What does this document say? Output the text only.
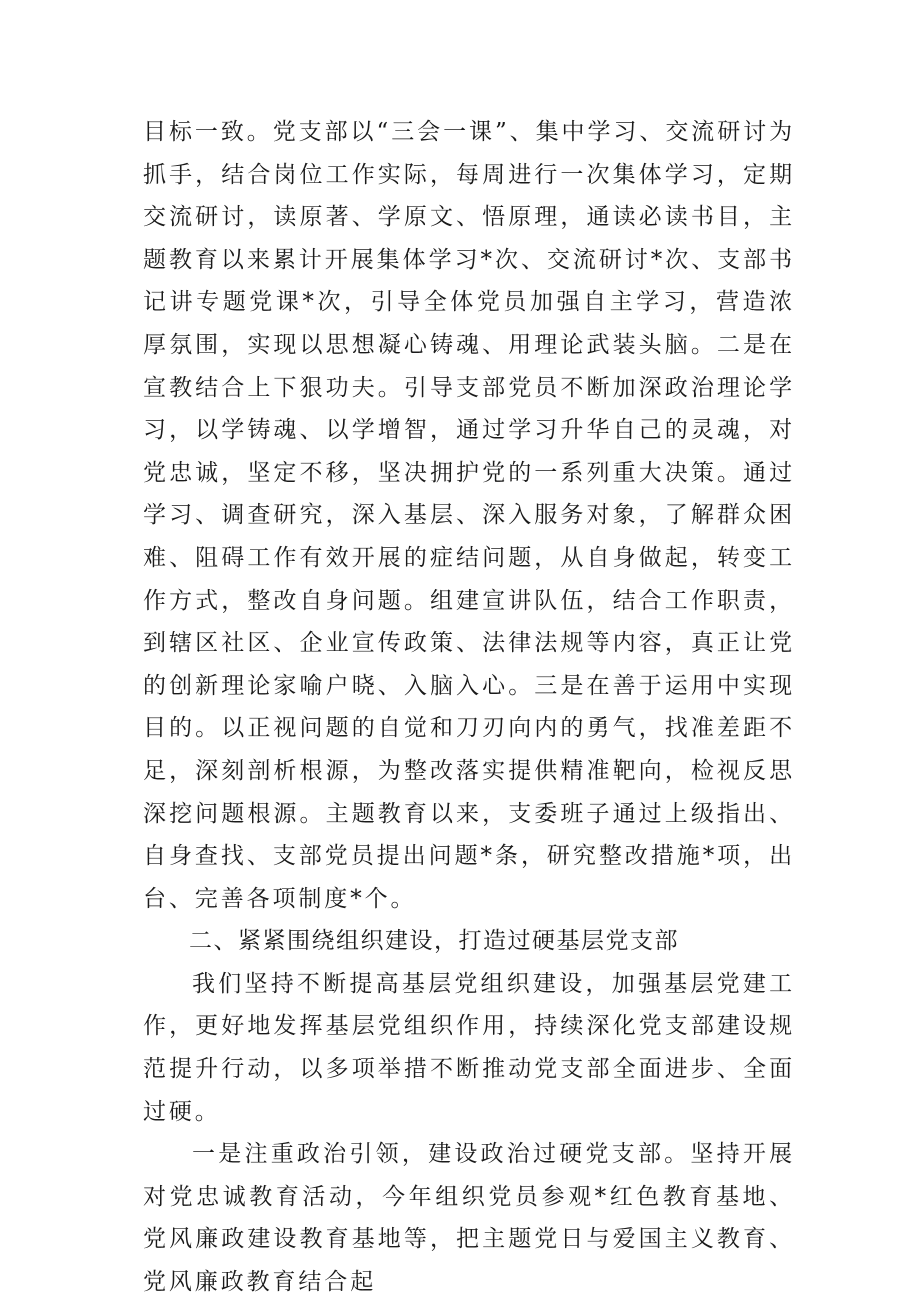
目标一致。党支部以“三会一课”、集中学习、交流研讨为抓手，结合岗位工作实际，每周进行一次集体学习，定期交流研讨，读原著、学原文、悟原理，通读必读书目，主题教育以来累计开展集体学习*次、交流研讨*次、支部书记讲专题党课*次，引导全体党员加强自主学习，营造浓厚氛围，实现以思想凝心铸魂、用理论武装头脑。二是在宣教结合上下狠功夫。引导支部党员不断加深政治理论学习，以学铸魂、以学增智，通过学习升华自己的灵魂，对党忠诚，坚定不移，坚决拥护党的一系列重大决策。通过学习、调查研究，深入基层、深入服务对象，了解群众困难、阻碍工作有效开展的症结问题，从自身做起，转变工作方式，整改自身问题。组建宣讲队伍，结合工作职责，到辖区社区、企业宣传政策、法律法规等内容，真正让党的创新理论家喻户晓、入脑入心。三是在善于运用中实现目的。以正视问题的自觉和刀刃向内的勇气，找准差距不足，深刻剖析根源，为整改落实提供精准靶向，检视反思深挖问题根源。主题教育以来，支委班子通过上级指出、自身查找、支部党员提出问题*条，研究整改措施*项，出台、完善各项制度*个。

二、紧紧围绕组织建设，打造过硬基层党支部

我们坚持不断提高基层党组织建设，加强基层党建工作，更好地发挥基层党组织作用，持续深化党支部建设规范提升行动，以多项举措不断推动党支部全面进步、全面过硬。

一是注重政治引领，建设政治过硬党支部。坚持开展对党忠诚教育活动，今年组织党员参观*红色教育基地、党风廉政建设教育基地等，把主题党日与爱国主义教育、党风廉政教育结合起
